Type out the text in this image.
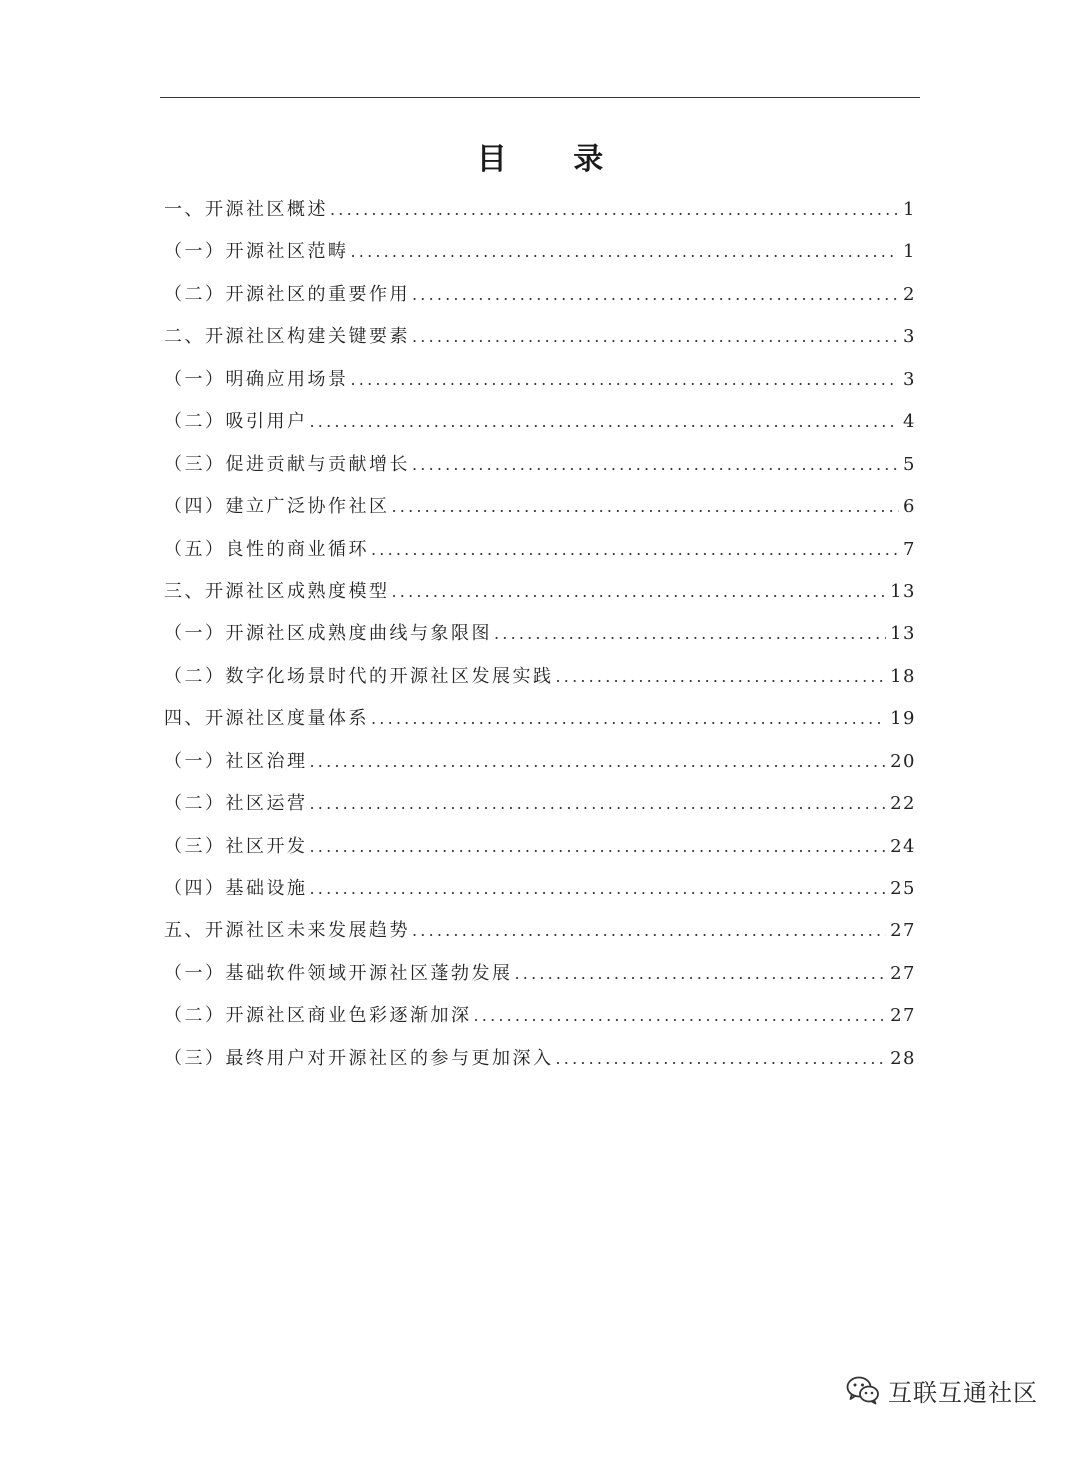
目 录
一、开源社区概述 .....	1
（一）开源社区范畴 .....	1
（二）开源社区的重要作用 .....	2
二、开源社区构建关键要素 .....	3
（一）明确应用场景 .....	3
（二）吸引用户 .....	4
（三）促进贡献与贡献增长 .....	5
（四）建立广泛协作社区 .....	6
（五）良性的商业循环 .....	7
三、开源社区成熟度模型 .....	13
（一）开源社区成熟度曲线与象限图 .....	13
（二）数字化场景时代的开源社区发展实践 .....	18
四、开源社区度量体系 .....	19
（一）社区治理 .....	20
（二）社区运营 .....	22
（三）社区开发 .....	24
（四）基础设施 .....	25
五、开源社区未来发展趋势 .....	27
（一）基础软件领域开源社区蓬勃发展 .....	27
（二）开源社区商业色彩逐渐加深 .....	27
（三）最终用户对开源社区的参与更加深入 .....	28
互联互通社区
